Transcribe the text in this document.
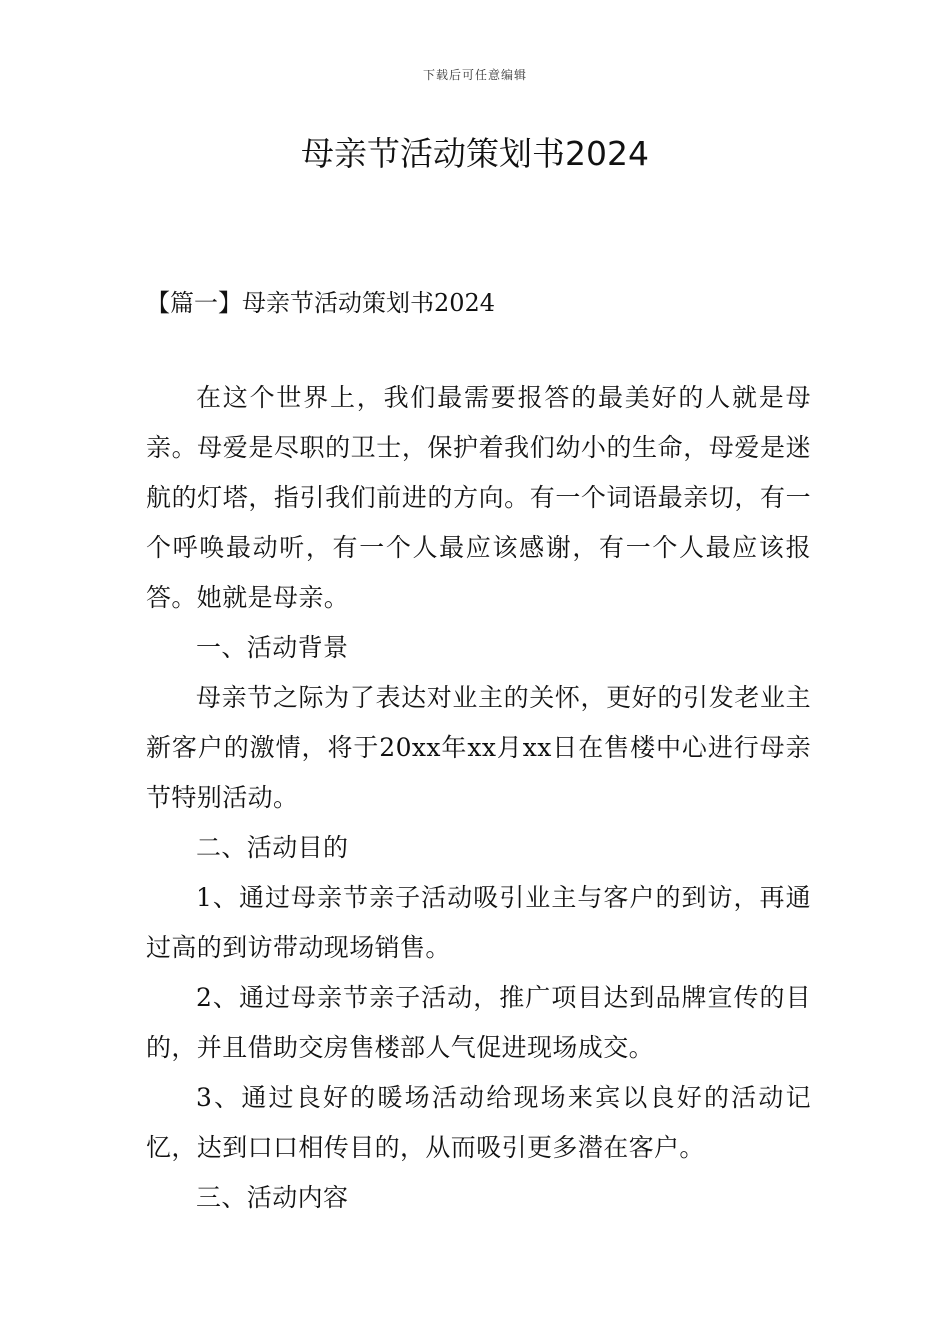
下载后可任意编辑
母亲节活动策划书2024
【篇一】母亲节活动策划书2024

在这个世界上，我们最需要报答的最美好的人就是母亲。母爱是尽职的卫士，保护着我们幼小的生命，母爱是迷航的灯塔，指引我们前进的方向。有一个词语最亲切，有一个呼唤最动听，有一个人最应该感谢，有一个人最应该报答。她就是母亲。

一、活动背景

母亲节之际为了表达对业主的关怀，更好的引发老业主新客户的激情，将于20xx年xx月xx日在售楼中心进行母亲节特别活动。

二、活动目的

1、通过母亲节亲子活动吸引业主与客户的到访，再通过高的到访带动现场销售。

2、通过母亲节亲子活动，推广项目达到品牌宣传的目的，并且借助交房售楼部人气促进现场成交。

3、通过良好的暖场活动给现场来宾以良好的活动记忆，达到口口相传目的，从而吸引更多潜在客户。

三、活动内容
